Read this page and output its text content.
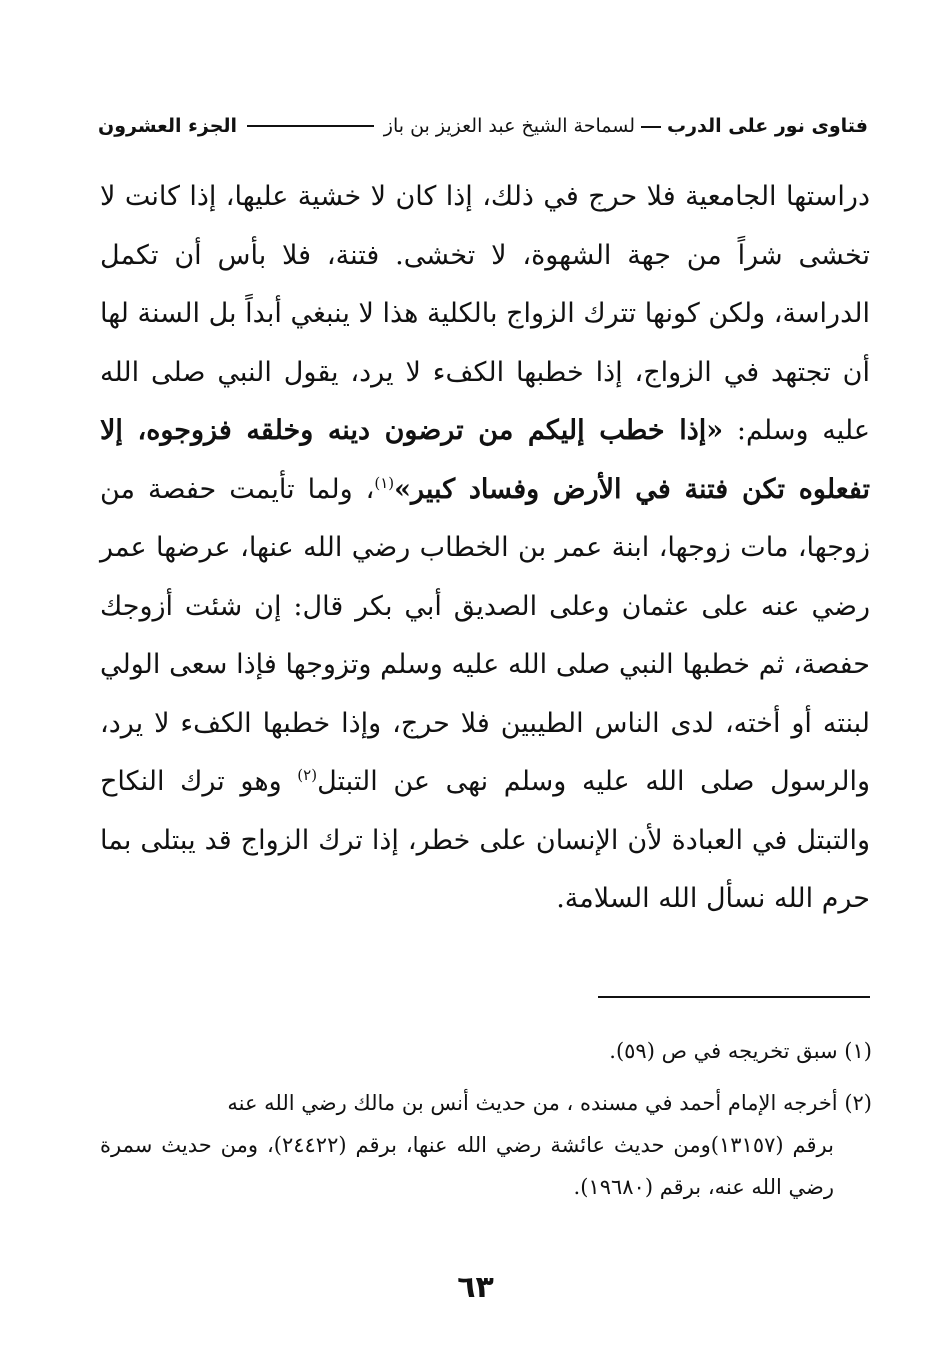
فتاوى نور على الدربلسماحة الشيخ عبد العزيز بن باز
الجزء العشرون
دراستها الجامعية فلا حرج في ذلك، إذا كان لا خشية عليها، إذا كانت لا تخشى شراً من جهة الشهوة، لا تخشى. فتنة، فلا بأس أن تكمل الدراسة، ولكن كونها تترك الزواج بالكلية هذا لا ينبغي أبداً بل السنة لها أن تجتهد في الزواج، إذا خطبها الكفء لا يرد، يقول النبي صلى الله عليه وسلم: «إذا خطب إليكم من ترضون دينه وخلقه فزوجوه، إلا تفعلوه تكن فتنة في الأرض وفساد كبير»$^{(١)}$، ولما تأيمت حفصة من زوجها، مات زوجها، ابنة عمر بن الخطاب رضي الله عنها، عرضها عمر رضي عنه على عثمان وعلى الصديق أبي بكر قال: إن شئت أزوجك حفصة، ثم خطبها النبي صلى الله عليه وسلم وتزوجها فإذا سعى الولي لبنته أو أخته، لدى الناس الطيبين فلا حرج، وإذا خطبها الكفء لا يرد، والرسول صلى الله عليه وسلم نهى عن التبتل$^{(٢)}$ وهو ترك النكاح والتبتل في العبادة لأن الإنسان على خطر، إذا ترك الزواج قد يبتلى بما حرم الله نسأل الله السلامة.
(١) سبق تخريجه في ص (٥٩).
(٢) أخرجه الإمام أحمد في مسنده ، من حديث أنس بن مالك رضي الله عنه
برقم (١٣١٥٧)ومن حديث عائشة رضي الله عنها، برقم (٢٤٤٢٢)، ومن حديث سمرة رضي الله عنه، برقم (١٩٦٨٠).
٦٣
